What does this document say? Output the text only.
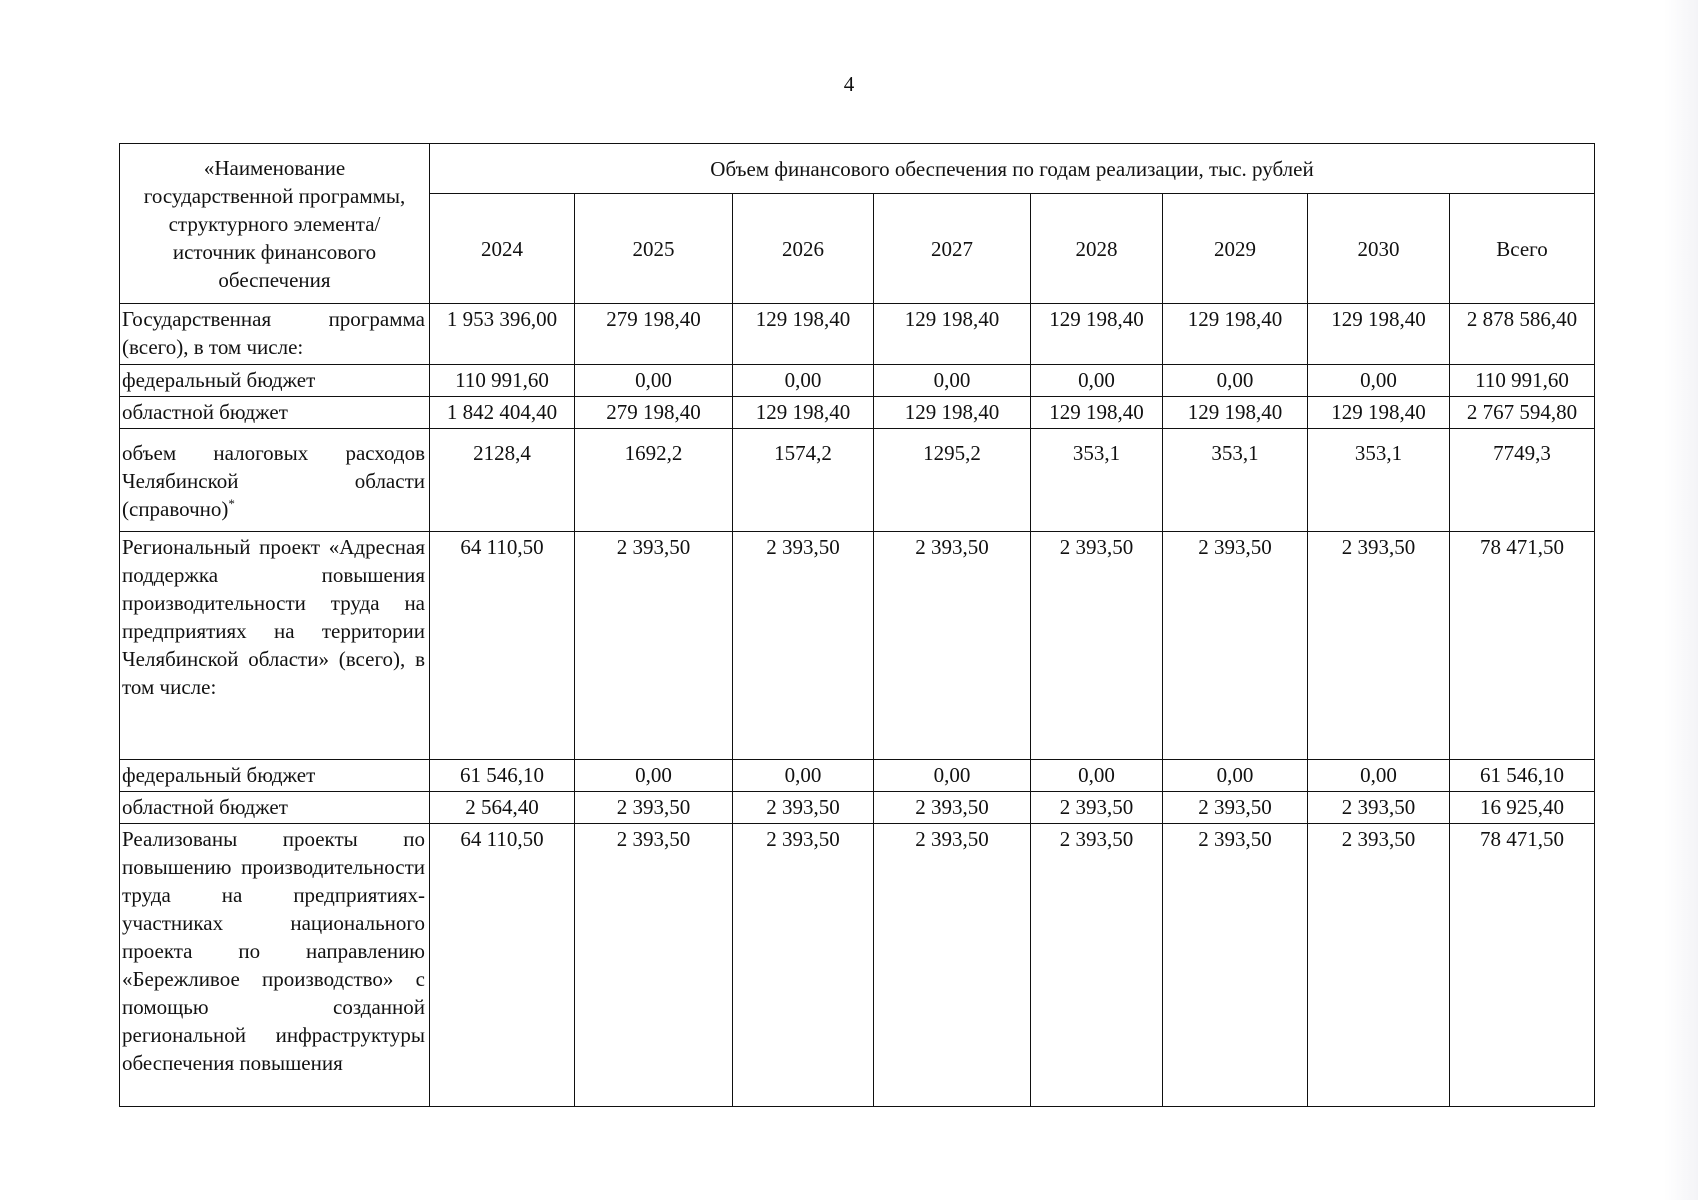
4
«Наименование государственной программы, структурного элемента/источник финансового обеспечения	Объем финансового обеспечения по годам реализации, тыс. рублей							
	2024	2025	2026	2027	2028	2029	2030	Всего
Государственная программа (всего), в том числе:	1 953 396,00	279 198,40	129 198,40	129 198,40	129 198,40	129 198,40	129 198,40	2 878 586,40
федеральный бюджет	110 991,60	0,00	0,00	0,00	0,00	0,00	0,00	110 991,60
областной бюджет	1 842 404,40	279 198,40	129 198,40	129 198,40	129 198,40	129 198,40	129 198,40	2 767 594,80
объем налоговых расходов Челябинской области (справочно)*	2128,4	1692,2	1574,2	1295,2	353,1	353,1	353,1	7749,3
Региональный проект «Адресная поддержка повышения производительности труда на предприятиях на территории Челябинской области» (всего), в том числе:	64 110,50	2 393,50	2 393,50	2 393,50	2 393,50	2 393,50	2 393,50	78 471,50
федеральный бюджет	61 546,10	0,00	0,00	0,00	0,00	0,00	0,00	61 546,10
областной бюджет	2 564,40	2 393,50	2 393,50	2 393,50	2 393,50	2 393,50	2 393,50	16 925,40
Реализованы проекты по повышению производительности труда на предприятиях-участниках национального проекта по направлению «Бережливое производство» с помощью созданной региональной инфраструктуры обеспечения повышения	64 110,50	2 393,50	2 393,50	2 393,50	2 393,50	2 393,50	2 393,50	78 471,50
